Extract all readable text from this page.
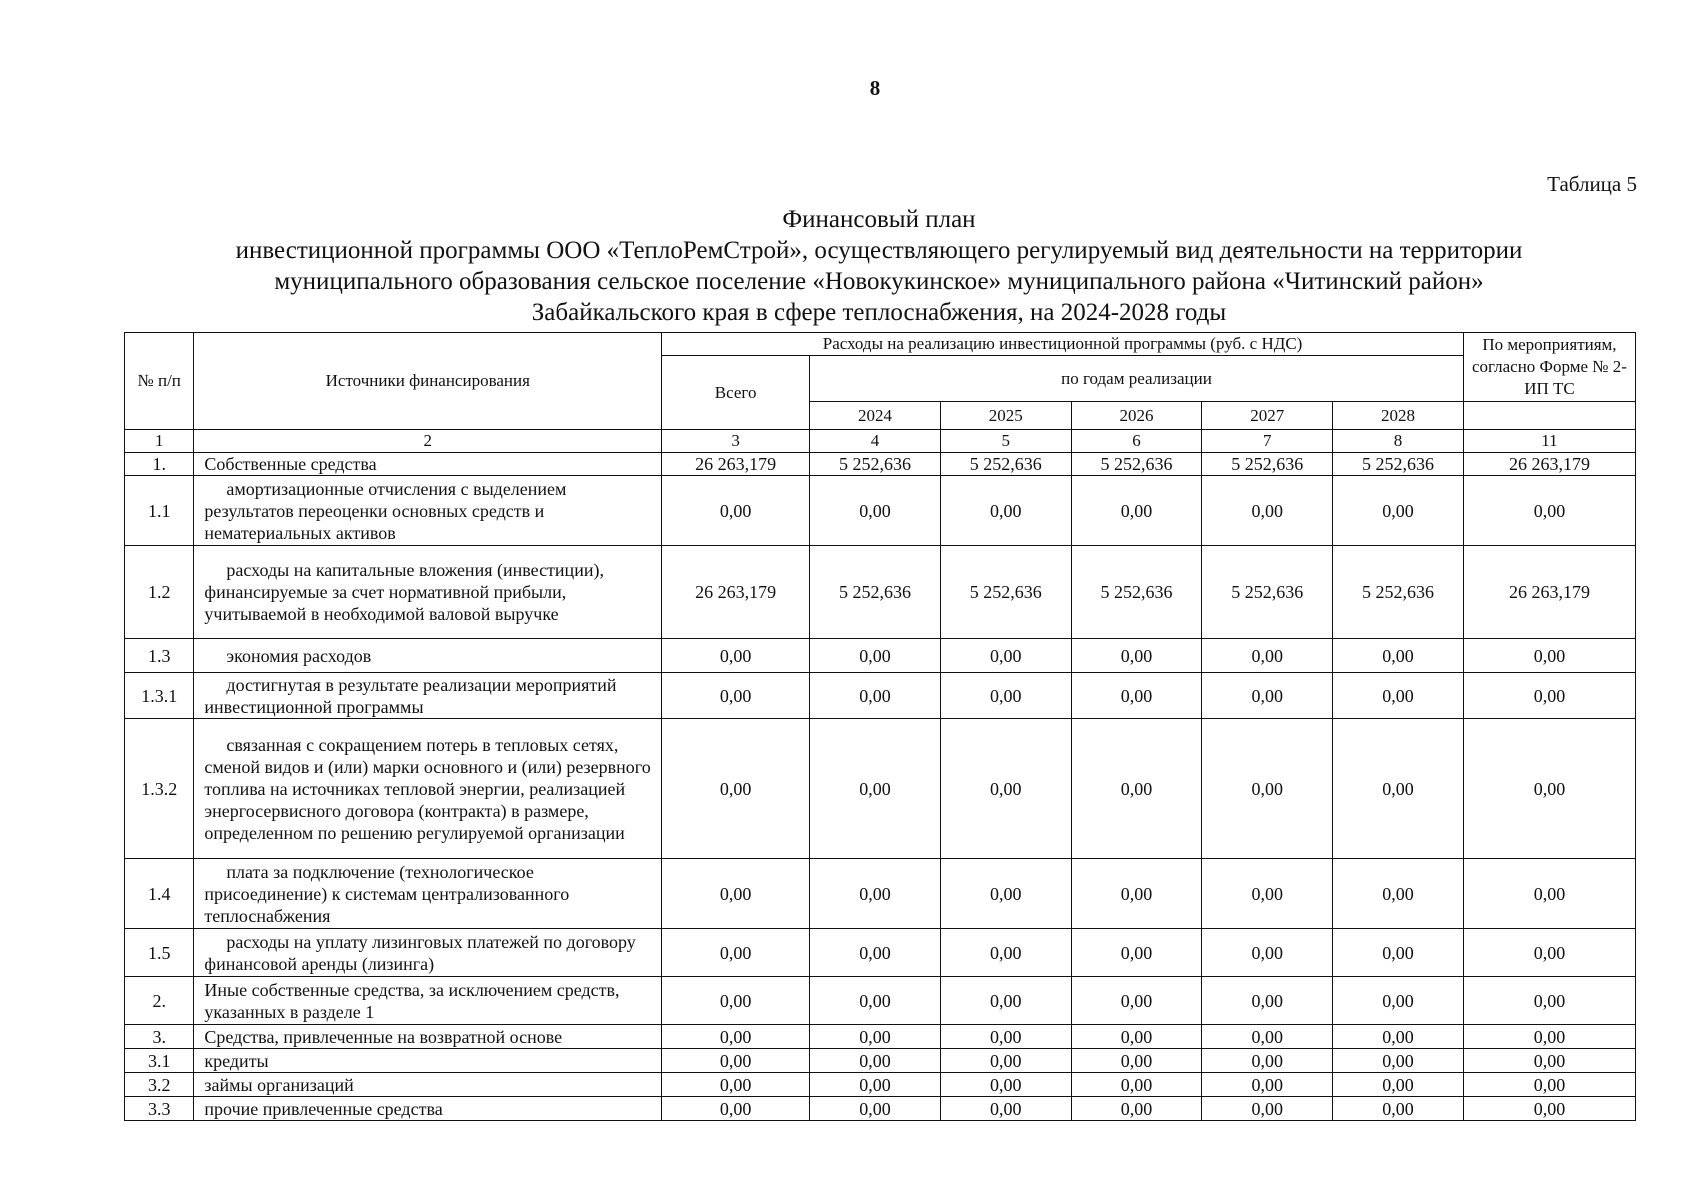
8
Таблица 5
Финансовый план
инвестиционной программы ООО «ТеплоРемСтрой», осуществляющего регулируемый вид деятельности на территории
муниципального образования сельское поселение «Новокукинское» муниципального района «Читинский район»
Забайкальского края в сфере теплоснабжения, на 2024-2028 годы
№ п/п	Источники финансирования	Расходы на реализацию инвестиционной программы (руб. с НДС)						По мероприятиям, согласно Форме № 2-ИП ТС
		Всего	по годам реализации					
			2024	2025	2026	2027	2028	
1	2	3	4	5	6	7	8	11
1.	Собственные средства	26 263,179	5 252,636	5 252,636	5 252,636	5 252,636	5 252,636	26 263,179
1.1	амортизационные отчисления с выделением результатов переоценки основных средств и нематериальных активов	0,00	0,00	0,00	0,00	0,00	0,00	0,00
1.2	расходы на капитальные вложения (инвестиции), финансируемые за счет нормативной прибыли, учитываемой в необходимой валовой выручке	26 263,179	5 252,636	5 252,636	5 252,636	5 252,636	5 252,636	26 263,179
1.3	экономия расходов	0,00	0,00	0,00	0,00	0,00	0,00	0,00
1.3.1	достигнутая в результате реализации мероприятий инвестиционной программы	0,00	0,00	0,00	0,00	0,00	0,00	0,00
1.3.2	связанная с сокращением потерь в тепловых сетях, сменой видов и (или) марки основного и (или) резервного топлива на источниках тепловой энергии, реализацией энергосервисного договора (контракта) в размере, определенном по решению регулируемой организации	0,00	0,00	0,00	0,00	0,00	0,00	0,00
1.4	плата за подключение (технологическое присоединение) к системам централизованного теплоснабжения	0,00	0,00	0,00	0,00	0,00	0,00	0,00
1.5	расходы на уплату лизинговых платежей по договору финансовой аренды (лизинга)	0,00	0,00	0,00	0,00	0,00	0,00	0,00
2.	Иные собственные средства, за исключением средств, указанных в разделе 1	0,00	0,00	0,00	0,00	0,00	0,00	0,00
3.	Средства, привлеченные на возвратной основе	0,00	0,00	0,00	0,00	0,00	0,00	0,00
3.1	кредиты	0,00	0,00	0,00	0,00	0,00	0,00	0,00
3.2	займы организаций	0,00	0,00	0,00	0,00	0,00	0,00	0,00
3.3	прочие привлеченные средства	0,00	0,00	0,00	0,00	0,00	0,00	0,00
